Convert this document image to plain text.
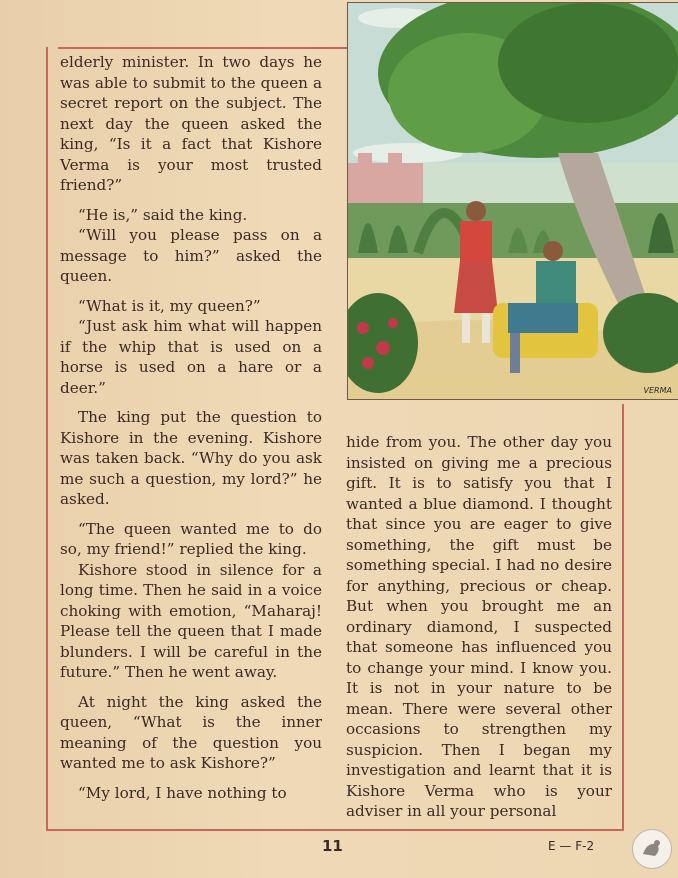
elderly minister. In two days he was able to submit to the queen a secret report on the subject. The next day the queen asked the king, “Is it a fact that Kishore Verma is your most trusted friend?”

“He is,” said the king.

“Will you please pass on a message to him?” asked the queen.

“What is it, my queen?”

“Just ask him what will happen if the whip that is used on a horse is used on a hare or a deer.”

The king put the question to Kishore in the evening. Kishore was taken back. “Why do you ask me such a question, my lord?” he asked.

“The queen wanted me to do so, my friend!” replied the king.

Kishore stood in silence for a long time. Then he said in a voice choking with emotion, “Maharaj! Please tell the queen that I made blunders. I will be careful in the future.” Then he went away.

At night the king asked the queen, “What is the inner meaning of the question you wanted me to ask Kishore?”

“My lord, I have nothing to

hide from you. The other day you insisted on giving me a precious gift. It is to satisfy you that I wanted a blue diamond. I thought that since you are eager to give something, the gift must be something special. I had no desire for anything, precious or cheap. But when you brought me an ordinary diamond, I suspected that someone has influenced you to change your mind. I know you. It is not in your nature to be mean. There were several other occasions to strengthen my suspicion. Then I began my investigation and learnt that it is Kishore Verma who is your adviser in all your personal

VERMA
11	E — F-2
